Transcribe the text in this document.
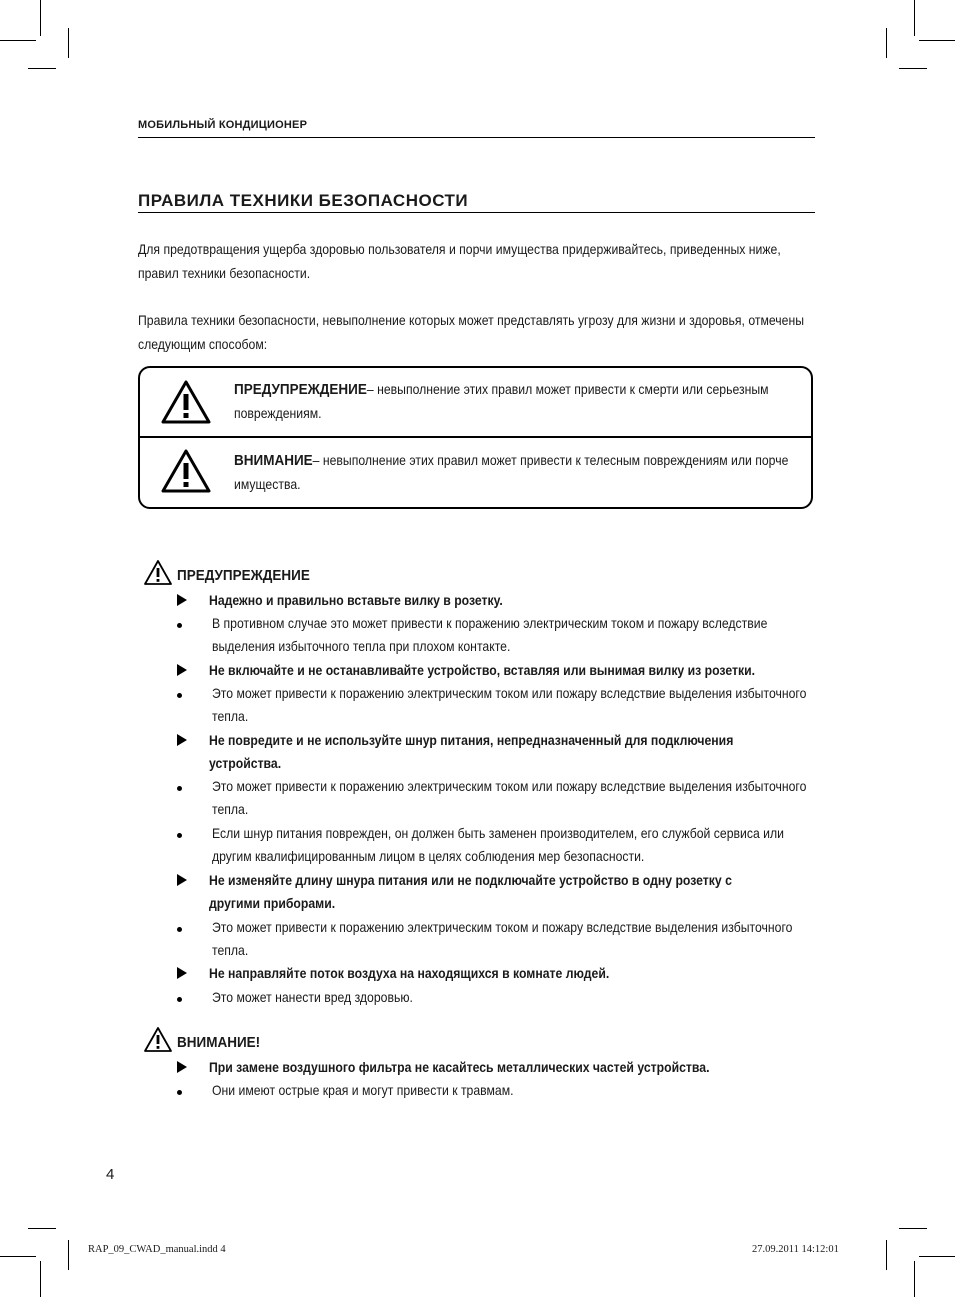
МОБИЛЬНЫЙ КОНДИЦИОНЕР
ПРАВИЛА ТЕХНИКИ БЕЗОПАСНОСТИ
Для предотвращения ущерба здоровью пользователя и порчи имущества придерживайтесь, приведенных ниже, правил техники безопасности.
Правила техники безопасности, невыполнение которых может представлять угрозу для жизни и здоровья, отмечены следующим способом:
ПРЕДУПРЕЖДЕНИЕ– невыполнение этих правил может привести к смерти или серьезным повреждениям.
ВНИМАНИЕ– невыполнение этих правил может привести к телесным повреждениям или порче имущества.
ПРЕДУПРЕЖДЕНИЕ
Надежно и правильно вставьте вилку в розетку.
В противном случае это может привести к поражению электрическим током и пожару вследствие выделения избыточного тепла при плохом контакте.
Не включайте и не останавливайте устройство, вставляя или вынимая вилку из розетки.
Это может привести к поражению электрическим током или пожару вследствие выделения избыточного тепла.
Не повредите и не используйте шнур питания, непредназначенный для подключения устройства.
Это может привести к поражению электрическим током или пожару вследствие выделения избыточного тепла.
Если шнур питания поврежден, он должен быть заменен производителем, его службой сервиса или другим квалифицированным лицом в целях соблюдения мер безопасности.
Не изменяйте длину шнура питания или не подключайте устройство в одну розетку с другими приборами.
Это может привести к поражению электрическим током и пожару вследствие выделения избыточного тепла.
Не направляйте поток воздуха на находящихся в комнате людей.
Это может нанести вред здоровью.
ВНИМАНИЕ!
При замене воздушного фильтра не касайтесь металлических частей устройства.
Они имеют острые края и могут привести к травмам.
4
RAP_09_CWAD_manual.indd 4	27.09.2011 14:12:01
